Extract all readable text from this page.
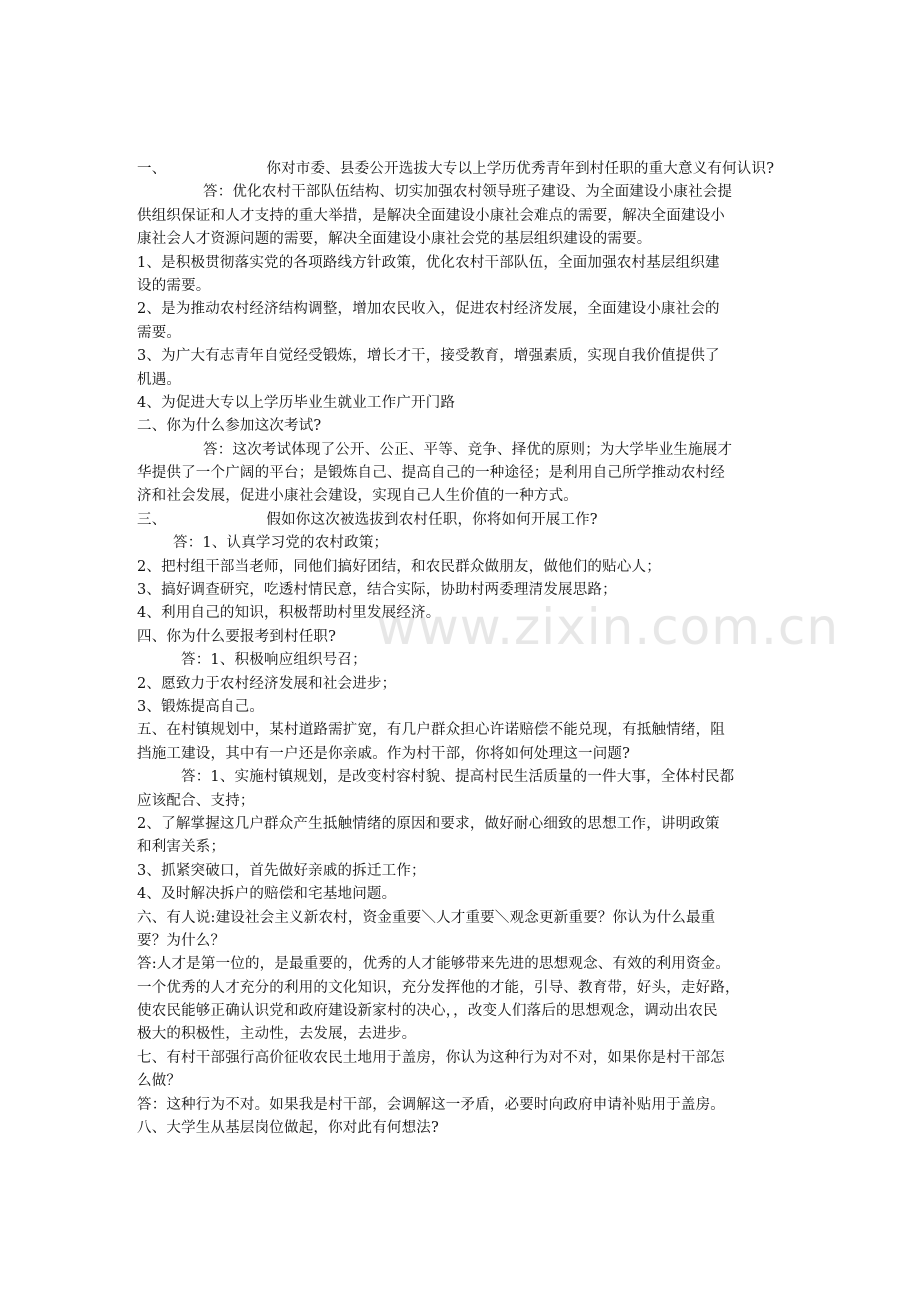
一、	你对市委、县委公开选拔大专以上学历优秀青年到村任职的重大意义有何认识?
答：优化农村干部队伍结构、切实加强农村领导班子建设、为全面建设小康社会提
供组织保证和人才支持的重大举措，是解决全面建设小康社会难点的需要，解决全面建设小
康社会人才资源问题的需要，解决全面建设小康社会党的基层组织建设的需要。
1、是积极贯彻落实党的各项路线方针政策，优化农村干部队伍，全面加强农村基层组织建
设的需要。
2、是为推动农村经济结构调整，增加农民收入，促进农村经济发展，全面建设小康社会的
需要。
3、为广大有志青年自觉经受锻炼，增长才干，接受教育，增强素质，实现自我价值提供了
机遇。
4、为促进大专以上学历毕业生就业工作广开门路
二、你为什么参加这次考试?
答：这次考试体现了公开、公正、平等、竞争、择优的原则；为大学毕业生施展才
华提供了一个广阔的平台；是锻炼自己、提高自己的一种途径；是利用自己所学推动农村经
济和社会发展，促进小康社会建设，实现自己人生价值的一种方式。
三、	假如你这次被选拔到农村任职，你将如何开展工作?
答：1、认真学习党的农村政策；
2、把村组干部当老师，同他们搞好团结，和农民群众做朋友，做他们的贴心人；
3、搞好调查研究，吃透村情民意，结合实际，协助村两委理清发展思路；
4、利用自己的知识，积极帮助村里发展经济。
四、你为什么要报考到村任职?
答：1、积极响应组织号召；
2、愿致力于农村经济发展和社会进步；
3、锻炼提高自己。
五、在村镇规划中，某村道路需扩宽，有几户群众担心许诺赔偿不能兑现，有抵触情绪，阻
挡施工建设，其中有一户还是你亲戚。作为村干部，你将如何处理这一问题?
答：1、实施村镇规划，是改变村容村貌、提高村民生活质量的一件大事，全体村民都
应该配合、支持；
2、了解掌握这几户群众产生抵触情绪的原因和要求，做好耐心细致的思想工作，讲明政策
和利害关系；
3、抓紧突破口，首先做好亲戚的拆迁工作；
4、及时解决拆户的赔偿和宅基地问题。
六、有人说:建设社会主义新农村，资金重要＼人才重要＼观念更新重要？你认为什么最重
要？为什么？
答:人才是第一位的，是最重要的，优秀的人才能够带来先进的思想观念、有效的利用资金。
一个优秀的人才充分的利用的文化知识，充分发挥他的才能，引导、教育带，好头，走好路，
使农民能够正确认识党和政府建设新家村的决心，，改变人们落后的思想观念，调动出农民
极大的积极性，主动性，去发展，去进步。
七、有村干部强行高价征收农民土地用于盖房，你认为这种行为对不对，如果你是村干部怎
么做？
答：这种行为不对。如果我是村干部，会调解这一矛盾，必要时向政府申请补贴用于盖房。
八、大学生从基层岗位做起，你对此有何想法?
www.zixin.com.cn
